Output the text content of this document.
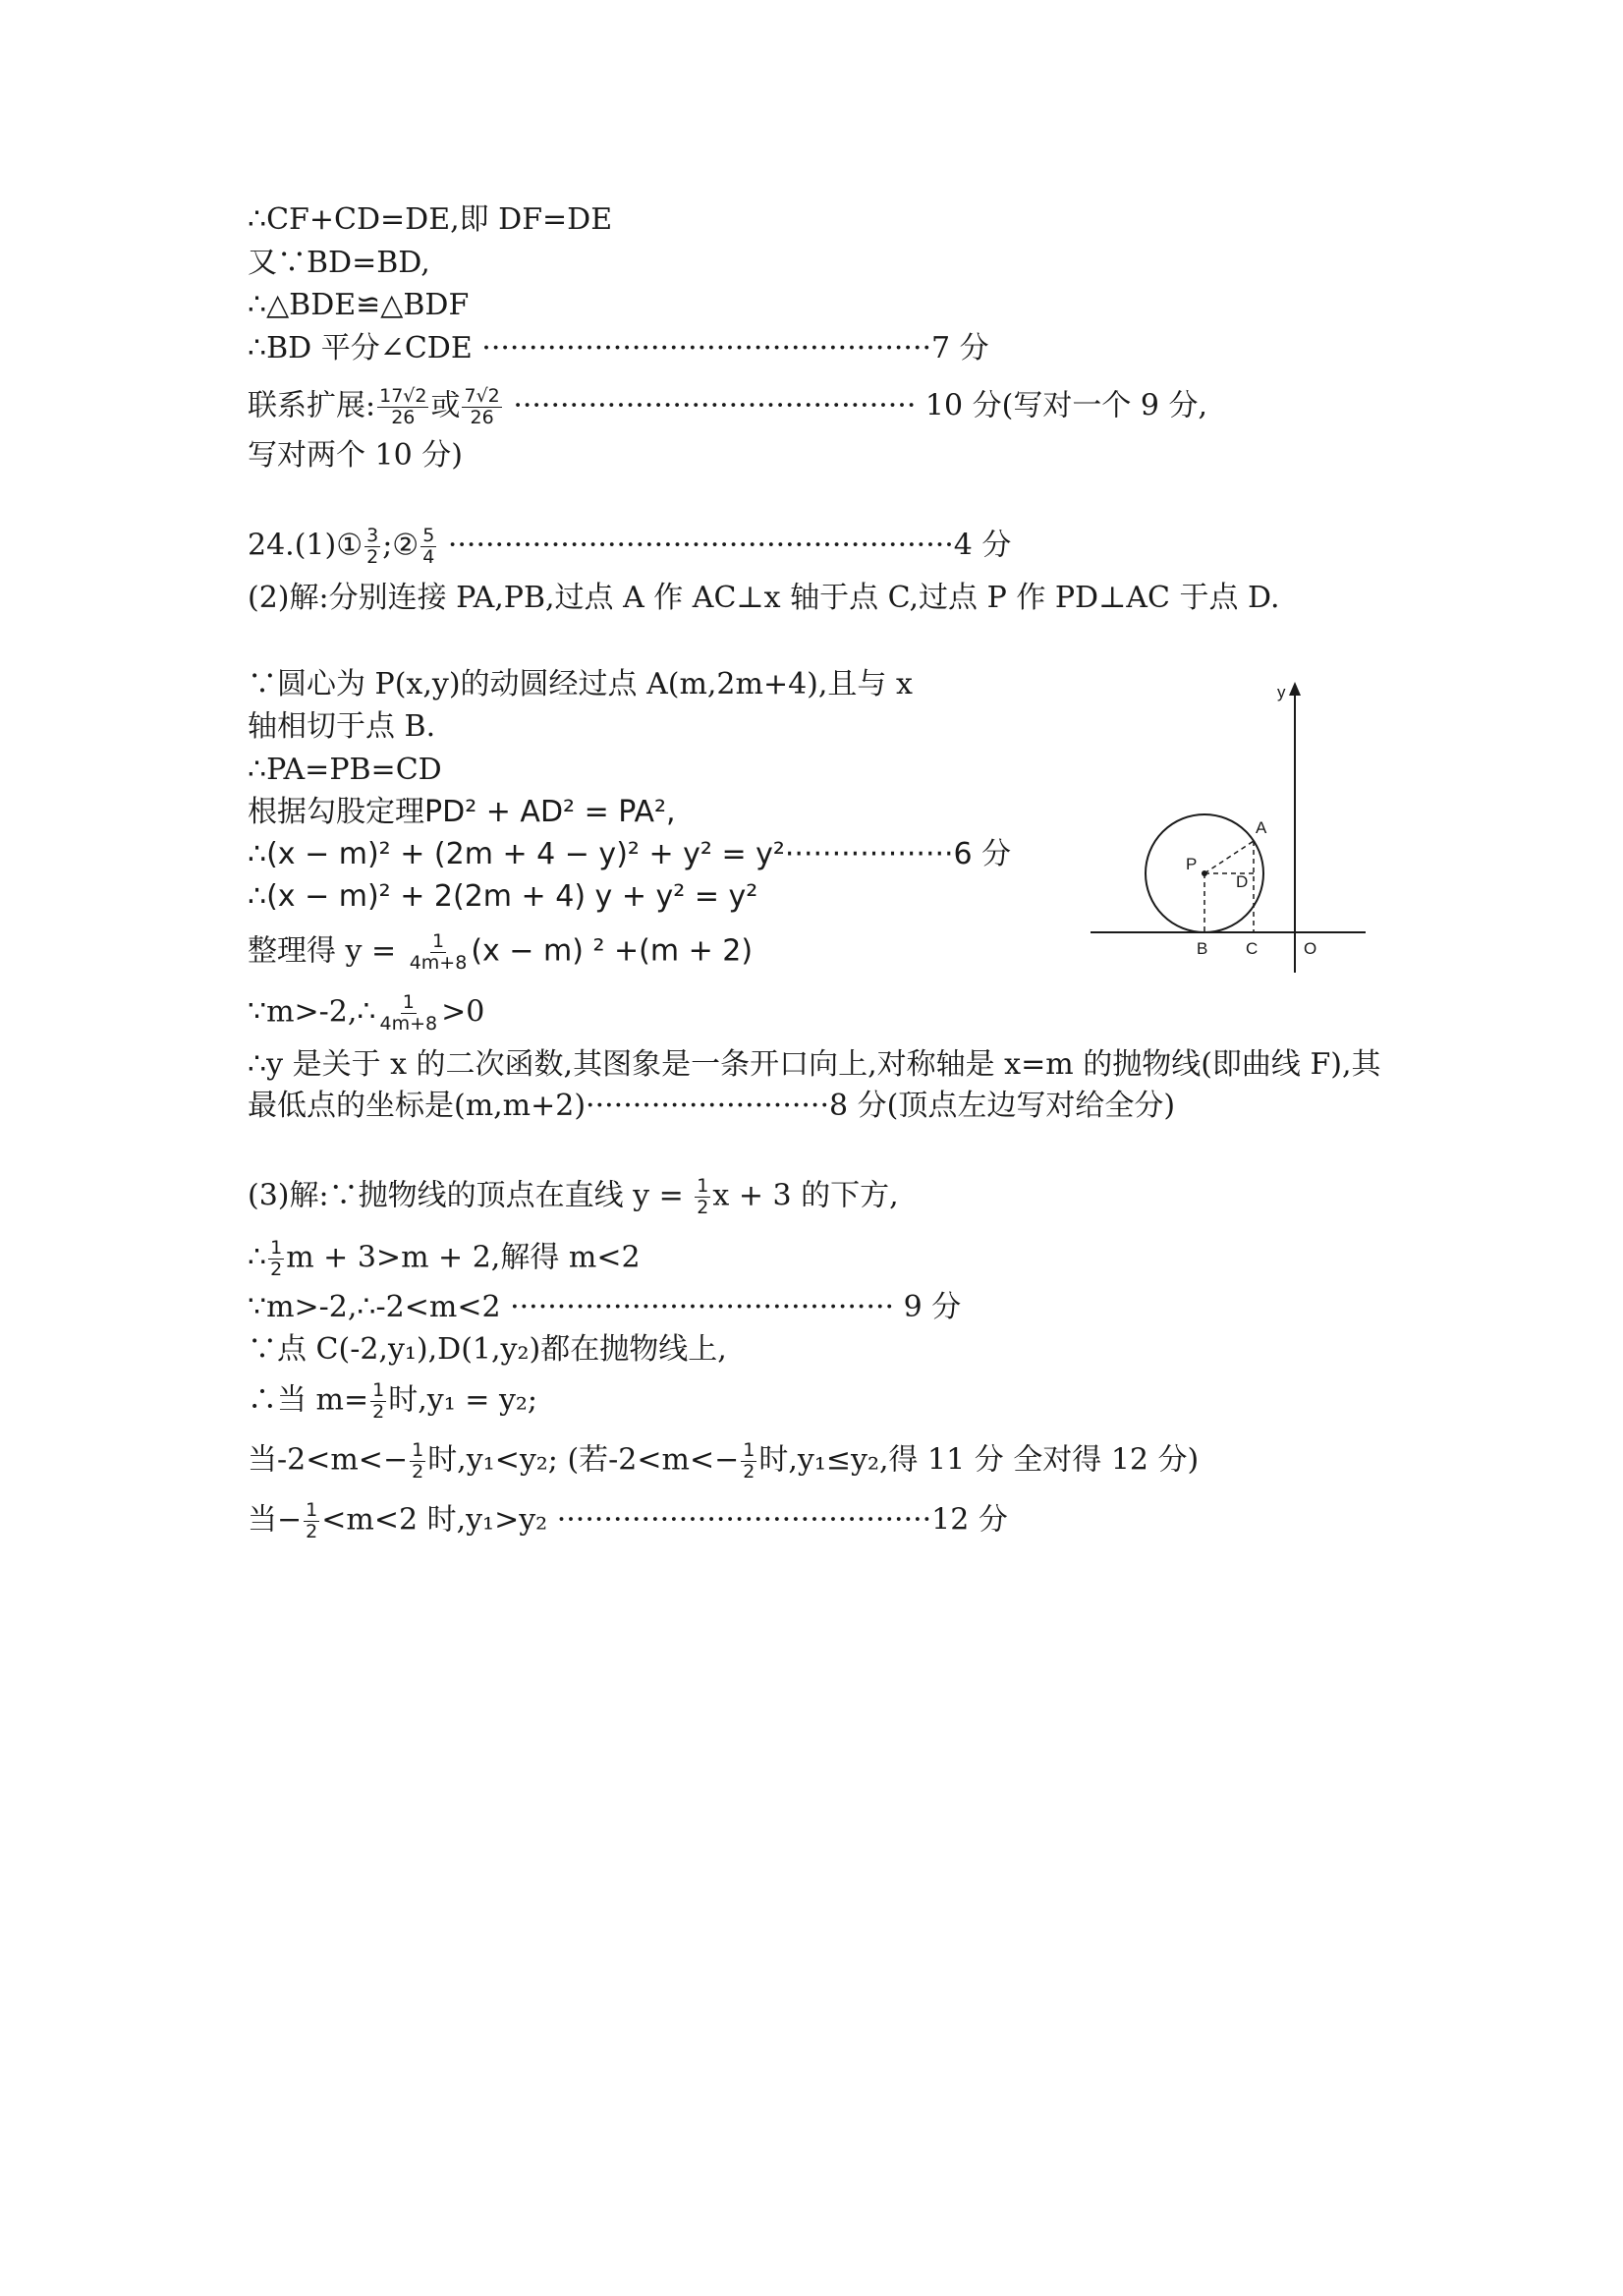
∴CF+CD=DE,即 DF=DE
又∵BD=BD,
∴△BDE≌△BDF
∴BD 平分∠CDE ················································7 分
联系扩展: $\frac{17√2}{26}$ 或 $\frac{7√2}{26}$ ··········································· 10 分(写对一个 9 分,
写对两个 10 分)
24.(1)① $\frac{3}{2}$ ;② $\frac{5}{4} \cdot\cdot\cdot\cdot\cdot\cdot\cdot\cdot\cdot\cdot\cdot\cdot\cdot\cdot\cdot\cdot\cdot\cdot\cdot\cdot\cdot\cdot\cdot\cdot\cdot\cdot\cdot\cdot\cdot\cdot\cdot\cdot\cdot\cdot\cdot\cdot\cdot\cdot\cdot\cdot\cdot\cdot\cdot\cdot\cdot\cdot\cdot\cdot\cdot\cdot\cdot\cdot\cdot\cdot 4$ 分
(2)解:分别连接 PA,PB,过点 A 作 AC⊥x 轴于点 C,过点 P 作 PD⊥AC 于点 D.
∵圆心为 P(x,y)的动圆经过点 A(m,2m+4),且与 x
轴相切于点 B.
∴PA=PB=CD
根据勾股定理PD² + AD² = PA²,
∴(x − m)² + (2m + 4 − y)² + y² = y²··················6 分
∴(x − m)² + 2(2m + 4) y + y² = y²
整理得 $y = \frac{1}{4m+8} (x - m)$ ² +(m + 2)
∵m>-2,∴ $\frac{1}{4m+8} >0$
∴y 是关于 x 的二次函数,其图象是一条开口向上,对称轴是 x=m 的抛物线(即曲线 F),其最低点的坐标是(m,m+2)··························8 分(顶点左边写对给全分)
(3)解:∵抛物线的顶点在直线 $y = \frac{1}{2}$ x + 3 的下方,
∴ $\frac{1}{2}$ m + 3>m + 2,解得 m<2
∵m>-2,∴-2<m<2 ········································· 9 分
∵点 C(-2,y₁),D(1,y₂)都在抛物线上,
∴当 $m= \frac{1}{2}$ 时,y₁ = y₂;
当$-2<m<- \frac{1}{2}$ 时,y₁<y₂; (若$-2<m<- \frac{1}{2}$ 时,y₁≤y₂,得 11 分 全对得 12 分)
当− $\frac{1}{2} <m<2$ 时,y₁>y₂ ········································12 分
y
A
P
D
B C	O
